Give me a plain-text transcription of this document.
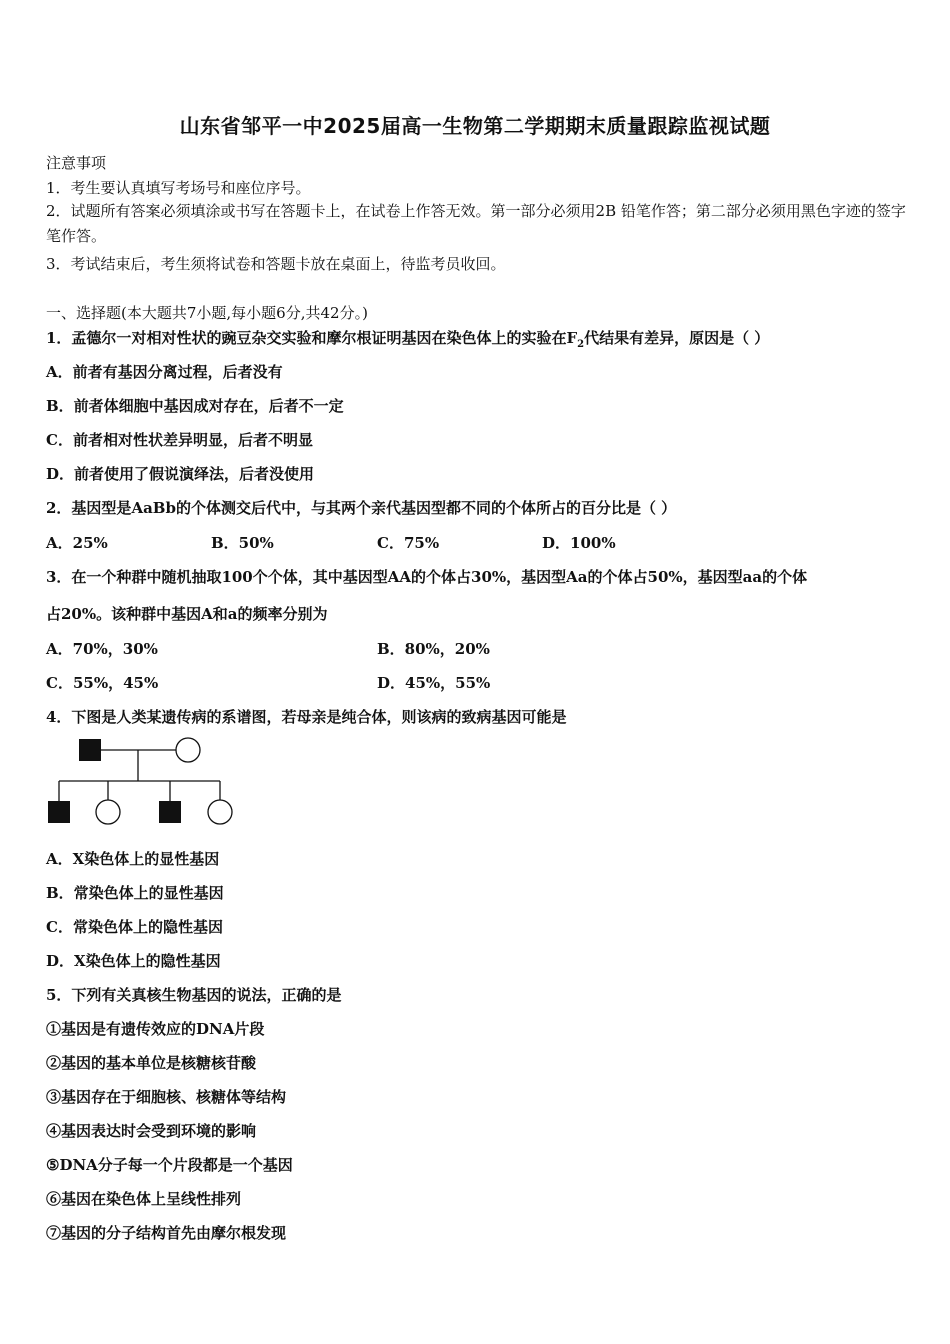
山东省邹平一中2025届高一生物第二学期期末质量跟踪监视试题
注意事项
1．考生要认真填写考场号和座位序号。
2．试题所有答案必须填涂或书写在答题卡上，在试卷上作答无效。第一部分必须用2B 铅笔作答；第二部分必须用黑色字迹的签字笔作答。
3．考试结束后，考生须将试卷和答题卡放在桌面上，待监考员收回。
一、选择题(本大题共7小题,每小题6分,共42分。)
1．孟德尔一对相对性状的豌豆杂交实验和摩尔根证明基因在染色体上的实验在$F_2$代结果有差异，原因是（ ）
A．前者有基因分离过程，后者没有
B．前者体细胞中基因成对存在，后者不一定
C．前者相对性状差异明显，后者不明显
D．前者使用了假说演绎法，后者没使用
2．基因型是AaBb的个体测交后代中，与其两个亲代基因型都不同的个体所占的百分比是（ ）
A．25%	B．50%	C．75%	D．100%
3．在一个种群中随机抽取100个个体，其中基因型AA的个体占30%，基因型Aa的个体占50%，基因型aa的个体
占20%。该种群中基因A和a的频率分别为
A．70%，30%	B．80%，20%
C．55%，45%	D．45%，55%
4．下图是人类某遗传病的系谱图，若母亲是纯合体，则该病的致病基因可能是
A．X染色体上的显性基因
B．常染色体上的显性基因
C．常染色体上的隐性基因
D．X染色体上的隐性基因
5．下列有关真核生物基因的说法，正确的是
①基因是有遗传效应的DNA片段
②基因的基本单位是核糖核苷酸
③基因存在于细胞核、核糖体等结构
④基因表达时会受到环境的影响
⑤DNA分子每一个片段都是一个基因
⑥基因在染色体上呈线性排列
⑦基因的分子结构首先由摩尔根发现
